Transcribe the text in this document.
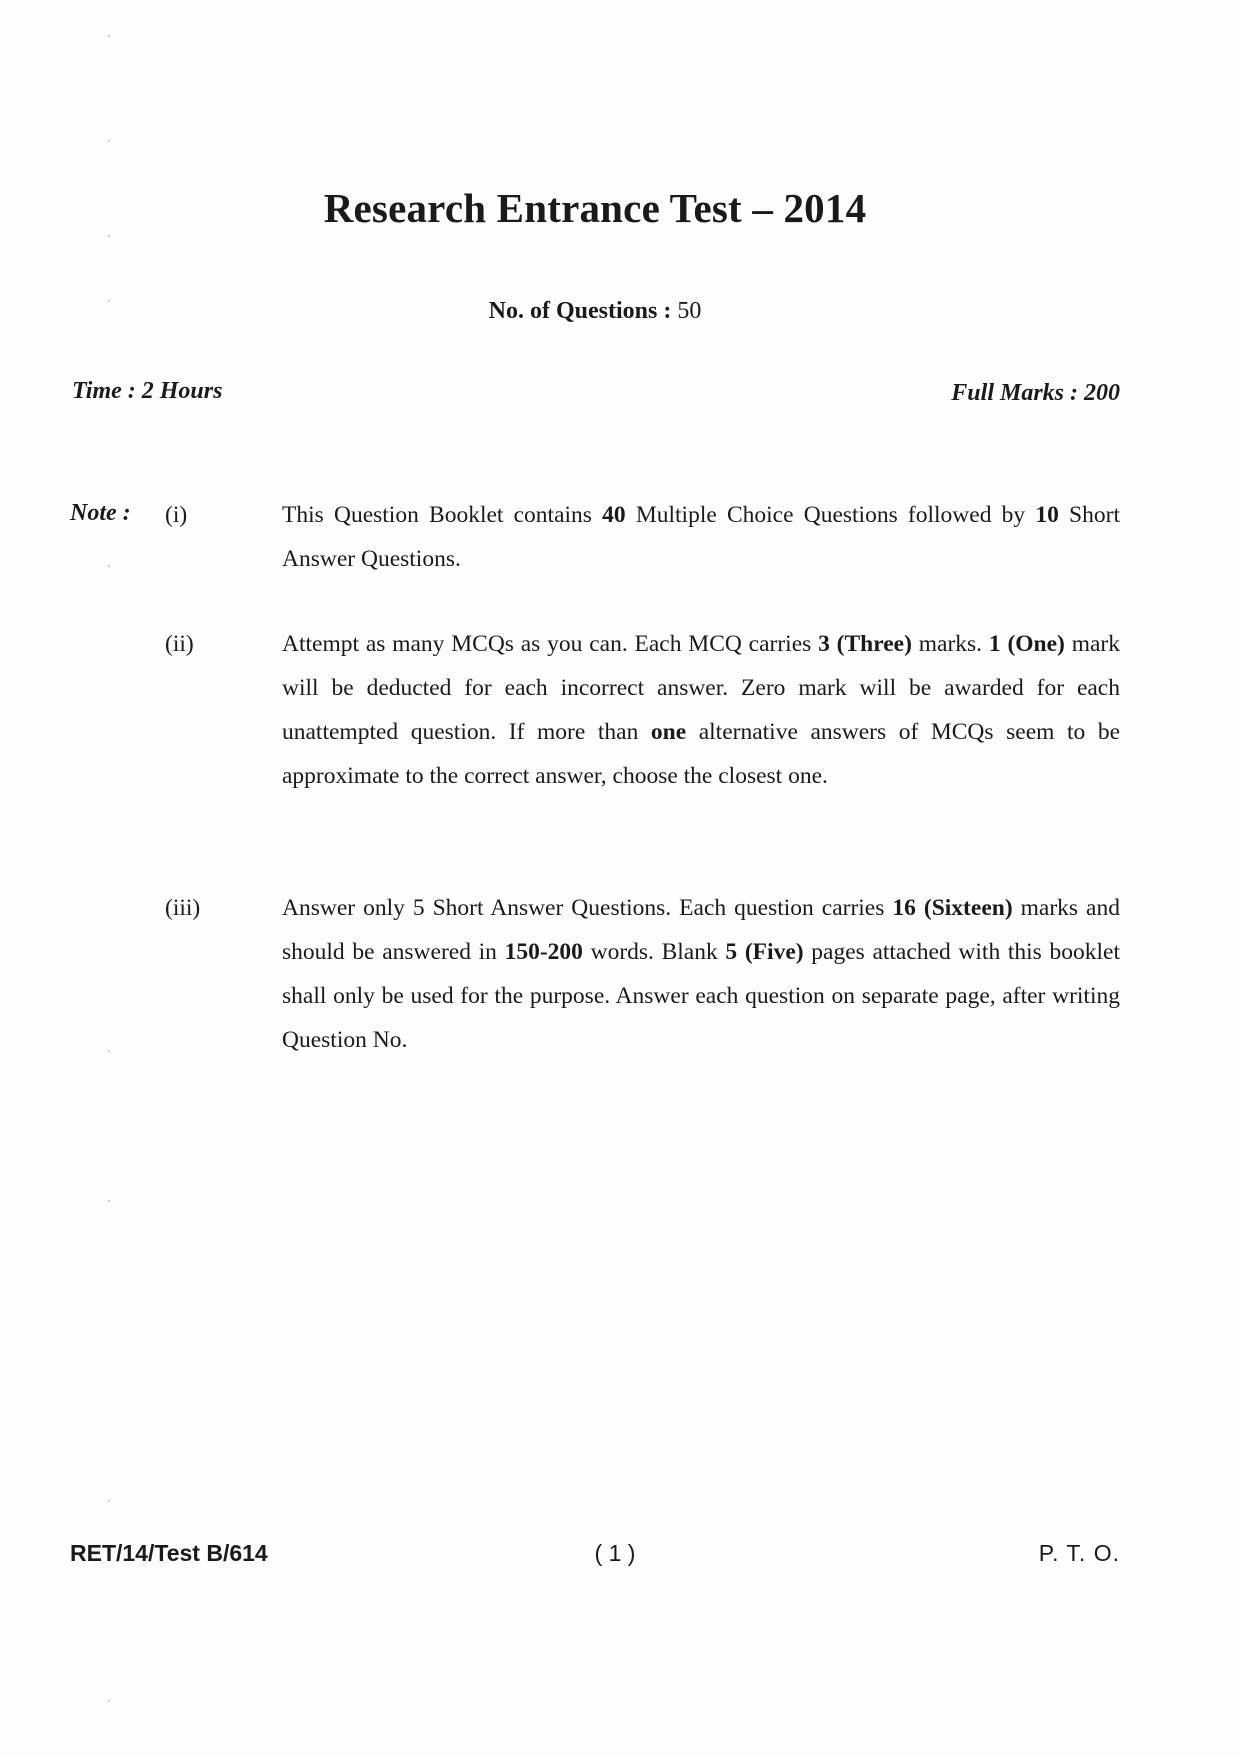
Research Entrance Test – 2014
No. of Questions : 50
Time : 2 Hours	Full Marks : 200
Note : (i)	This Question Booklet contains 40 Multiple Choice Questions followed by 10 Short Answer Questions.
(ii)	Attempt as many MCQs as you can. Each MCQ carries 3 (Three) marks. 1 (One) mark will be deducted for each incorrect answer. Zero mark will be awarded for each unattempted question. If more than one alternative answers of MCQs seem to be approximate to the correct answer, choose the closest one.
(iii)	Answer only 5 Short Answer Questions. Each question carries 16 (Sixteen) marks and should be answered in 150-200 words. Blank 5 (Five) pages attached with this booklet shall only be used for the purpose. Answer each question on separate page, after writing Question No.
RET/14/Test B/614	( 1 )	P. T. O.
